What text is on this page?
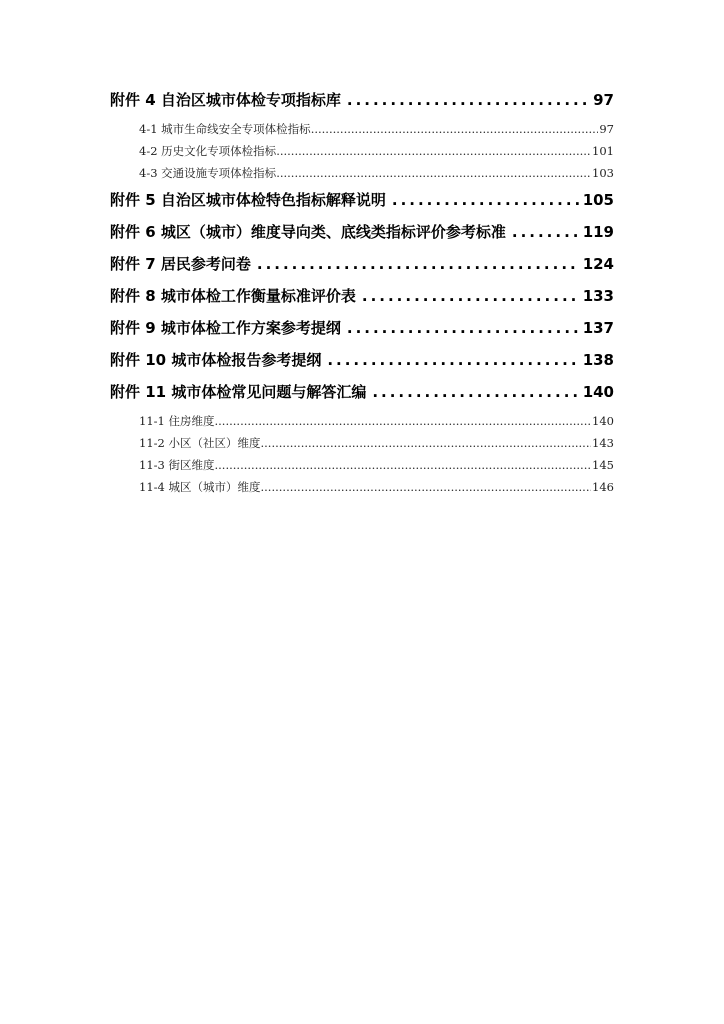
附件 4 自治区城市体检专项指标库 .....	97
4-1 城市生命线安全专项体检指标 .....	97
4-2 历史文化专项体检指标 .....	101
4-3 交通设施专项体检指标 .....	103
附件 5 自治区城市体检特色指标解释说明 .....	105
附件 6 城区（城市）维度导向类、底线类指标评价参考标准 .....	119
附件 7 居民参考问卷 .....	124
附件 8 城市体检工作衡量标准评价表 .....	133
附件 9 城市体检工作方案参考提纲 .....	137
附件 10 城市体检报告参考提纲 .....	138
附件 11 城市体检常见问题与解答汇编 .....	140
11-1 住房维度 .....	140
11-2 小区（社区）维度 .....	143
11-3 街区维度 .....	145
11-4 城区（城市）维度 .....	146
